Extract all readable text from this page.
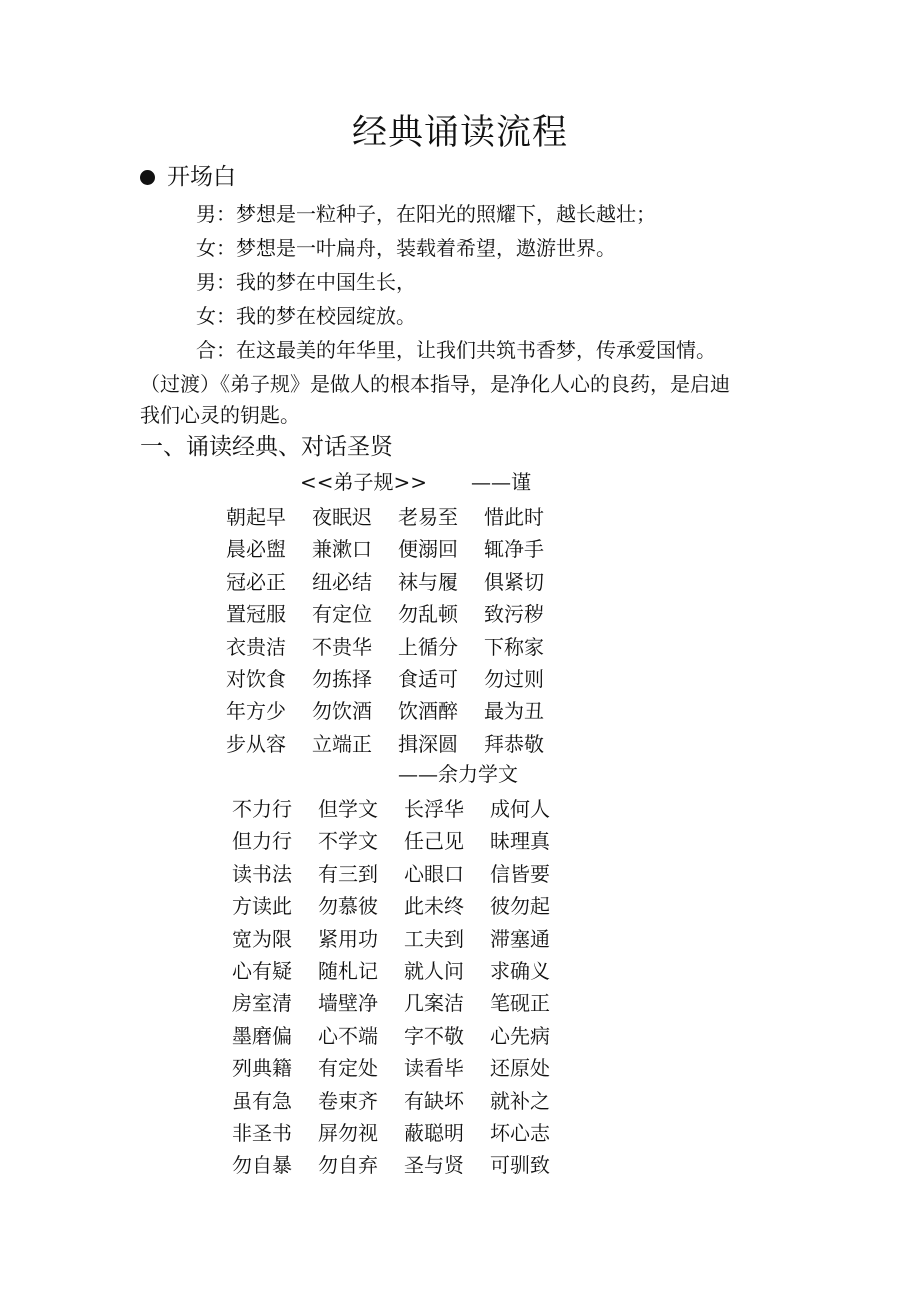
经典诵读流程
开场白
男：梦想是一粒种子，在阳光的照耀下，越长越壮；
女：梦想是一叶扁舟，装载着希望，遨游世界。
男：我的梦在中国生长，
女：我的梦在校园绽放。
合：在这最美的年华里，让我们共筑书香梦，传承爱国情。
（过渡）《弟子规》是做人的根本指导，是净化人心的良药，是启迪
我们心灵的钥匙。
一、诵读经典、对话圣贤
<<弟子规>> ——谨
朝起早	夜眠迟	老易至	惜此时
晨必盥	兼漱口	便溺回	辄净手
冠必正	纽必结	袜与履	俱紧切
置冠服	有定位	勿乱顿	致污秽
衣贵洁	不贵华	上循分	下称家
对饮食	勿拣择	食适可	勿过则
年方少	勿饮酒	饮酒醉	最为丑
步从容	立端正	揖深圆	拜恭敬
——余力学文
不力行	但学文	长浮华	成何人
但力行	不学文	任己见	昧理真
读书法	有三到	心眼口	信皆要
方读此	勿慕彼	此未终	彼勿起
宽为限	紧用功	工夫到	滞塞通
心有疑	随札记	就人问	求确义
房室清	墙壁净	几案洁	笔砚正
墨磨偏	心不端	字不敬	心先病
列典籍	有定处	读看毕	还原处
虽有急	卷束齐	有缺坏	就补之
非圣书	屏勿视	蔽聪明	坏心志
勿自暴	勿自弃	圣与贤	可驯致
